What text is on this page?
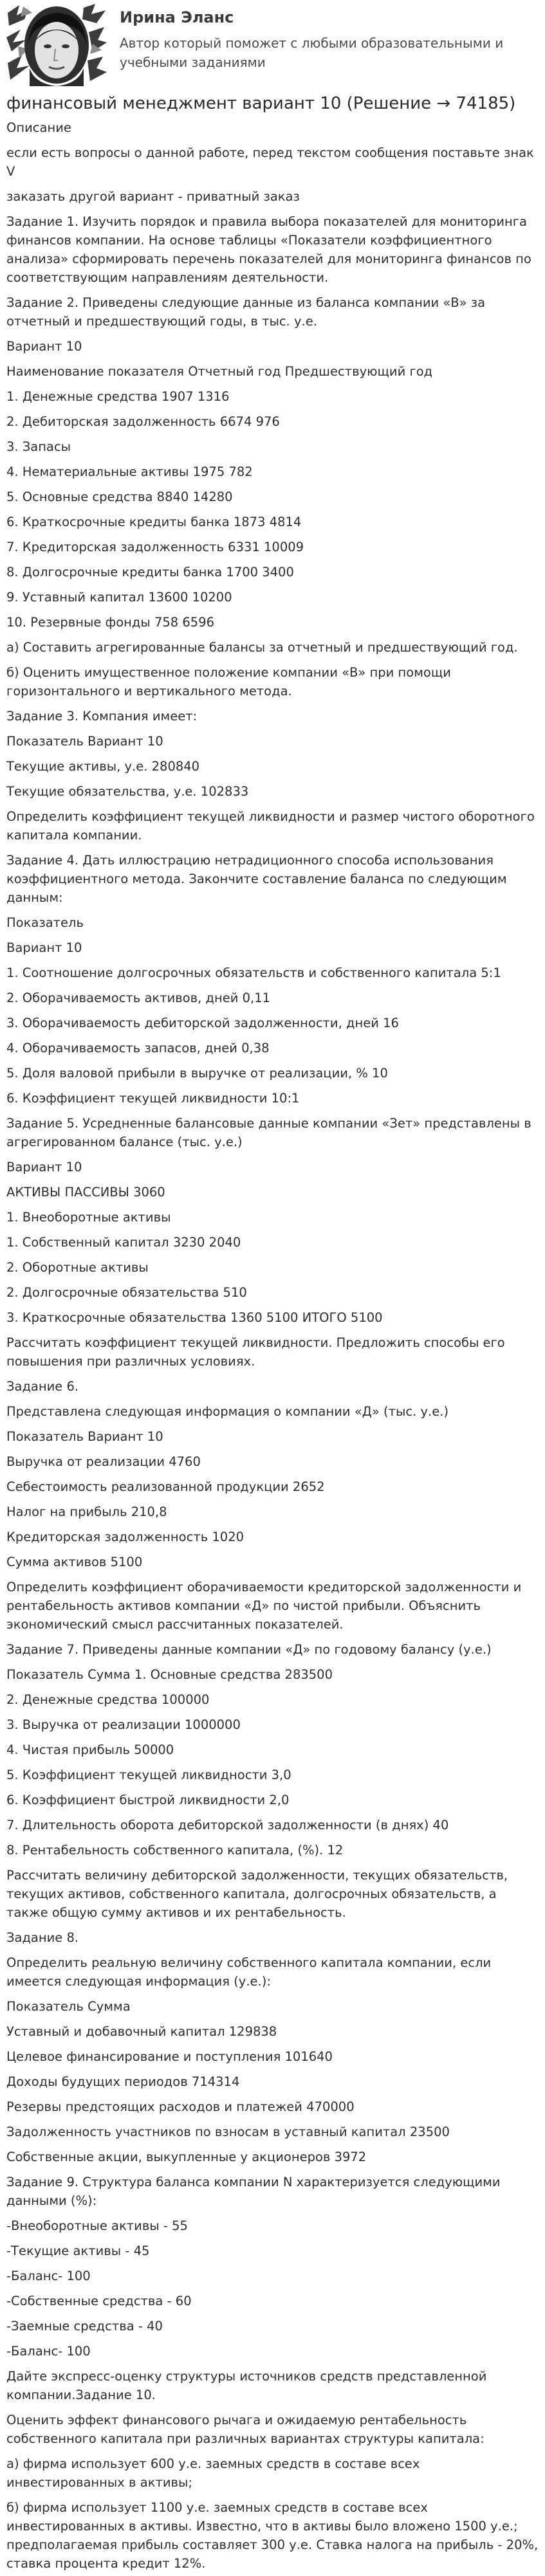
Ирина Эланс
Автор который поможет с любыми образовательными и учебными заданиями
финансовый менеджмент вариант 10 (Решение → 74185)

Описание

если есть вопросы о данной работе, перед текстом сообщения поставьте знак V

заказать другой вариант - приватный заказ

Задание 1. Изучить порядок и правила выбора показателей для мониторинга финансов компании. На основе таблицы «Показатели коэффициентного анализа» сформировать перечень показателей для мониторинга финансов по соответствующим направлениям деятельности.

Задание 2. Приведены следующие данные из баланса компании «В» за отчетный и предшествующий годы, в тыс. у.е.

Вариант 10

Наименование показателя Отчетный год Предшествующий год

1. Денежные средства 1907 1316

2. Дебиторская задолженность 6674 976

3. Запасы

4. Нематериальные активы 1975 782

5. Основные средства 8840 14280

6. Краткосрочные кредиты банка 1873 4814

7. Кредиторская задолженность 6331 10009

8. Долгосрочные кредиты банка 1700 3400

9. Уставный капитал 13600 10200

10. Резервные фонды 758 6596

а) Составить агрегированные балансы за отчетный и предшествующий год.

б) Оценить имущественное положение компании «В» при помощи горизонтального и вертикального метода.

Задание 3. Компания имеет:

Показатель Вариант 10

Текущие активы, у.е. 280840

Текущие обязательства, у.е. 102833

Определить коэффициент текущей ликвидности и размер чистого оборотного капитала компании.

Задание 4. Дать иллюстрацию нетрадиционного способа использования коэффициентного метода. Закончите составление баланса по следующим данным:

Показатель

Вариант 10

1. Соотношение долгосрочных обязательств и собственного капитала 5:1

2. Оборачиваемость активов, дней 0,11

3. Оборачиваемость дебиторской задолженности, дней 16

4. Оборачиваемость запасов, дней 0,38

5. Доля валовой прибыли в выручке от реализации, % 10

6. Коэффициент текущей ликвидности 10:1

Задание 5. Усредненные балансовые данные компании «Зет» представлены в агрегированном балансе (тыс. у.е.)

Вариант 10

АКТИВЫ ПАССИВЫ 3060

1. Внеоборотные активы

1. Собственный капитал 3230 2040

2. Оборотные активы

2. Долгосрочные обязательства 510

3. Краткосрочные обязательства 1360 5100 ИТОГО 5100

Рассчитать коэффициент текущей ликвидности. Предложить способы его повышения при различных условиях.

Задание 6.

Представлена следующая информация о компании «Д» (тыс. у.е.)

Показатель Вариант 10

Выручка от реализации 4760

Себестоимость реализованной продукции 2652

Налог на прибыль 210,8

Кредиторская задолженность 1020

Сумма активов 5100

Определить коэффициент оборачиваемости кредиторской задолженности и рентабельность активов компании «Д» по чистой прибыли. Объяснить экономический смысл рассчитанных показателей.

Задание 7. Приведены данные компании «Д» по годовому балансу (у.е.)

Показатель Сумма 1. Основные средства 283500

2. Денежные средства 100000

3. Выручка от реализации 1000000

4. Чистая прибыль 50000

5. Коэффициент текущей ликвидности 3,0

6. Коэффициент быстрой ликвидности 2,0

7. Длительность оборота дебиторской задолженности (в днях) 40

8. Рентабельность собственного капитала, (%). 12

Рассчитать величину дебиторской задолженности, текущих обязательств, текущих активов, собственного капитала, долгосрочных обязательств, а также общую сумму активов и их рентабельность.

Задание 8.

Определить реальную величину собственного капитала компании, если имеется следующая информация (у.е.):

Показатель Сумма

Уставный и добавочный капитал 129838

Целевое финансирование и поступления 101640

Доходы будущих периодов 714314

Резервы предстоящих расходов и платежей 470000

Задолженность участников по взносам в уставный капитал 23500

Собственные акции, выкупленные у акционеров 3972

Задание 9. Структура баланса компании N характеризуется следующими данными (%):

-Внеоборотные активы - 55

-Текущие активы - 45

-Баланс- 100

-Собственные средства - 60

-Заемные средства - 40

-Баланс- 100

Дайте экспресс-оценку структуры источников средств представленной компании.Задание 10.

Оценить эффект финансового рычага и ожидаемую рентабельность собственного капитала при различных вариантах структуры капитала:

а) фирма использует 600 у.е. заемных средств в составе всех инвестированных в активы;

б) фирма использует 1100 у.е. заемных средств в составе всех инвестированных в активы. Известно, что в активы было вложено 1500 у.е.; предполагаемая прибыль составляет 300 у.е. Ставка налога на прибыль - 20%, ставка процента кредит 12%.
